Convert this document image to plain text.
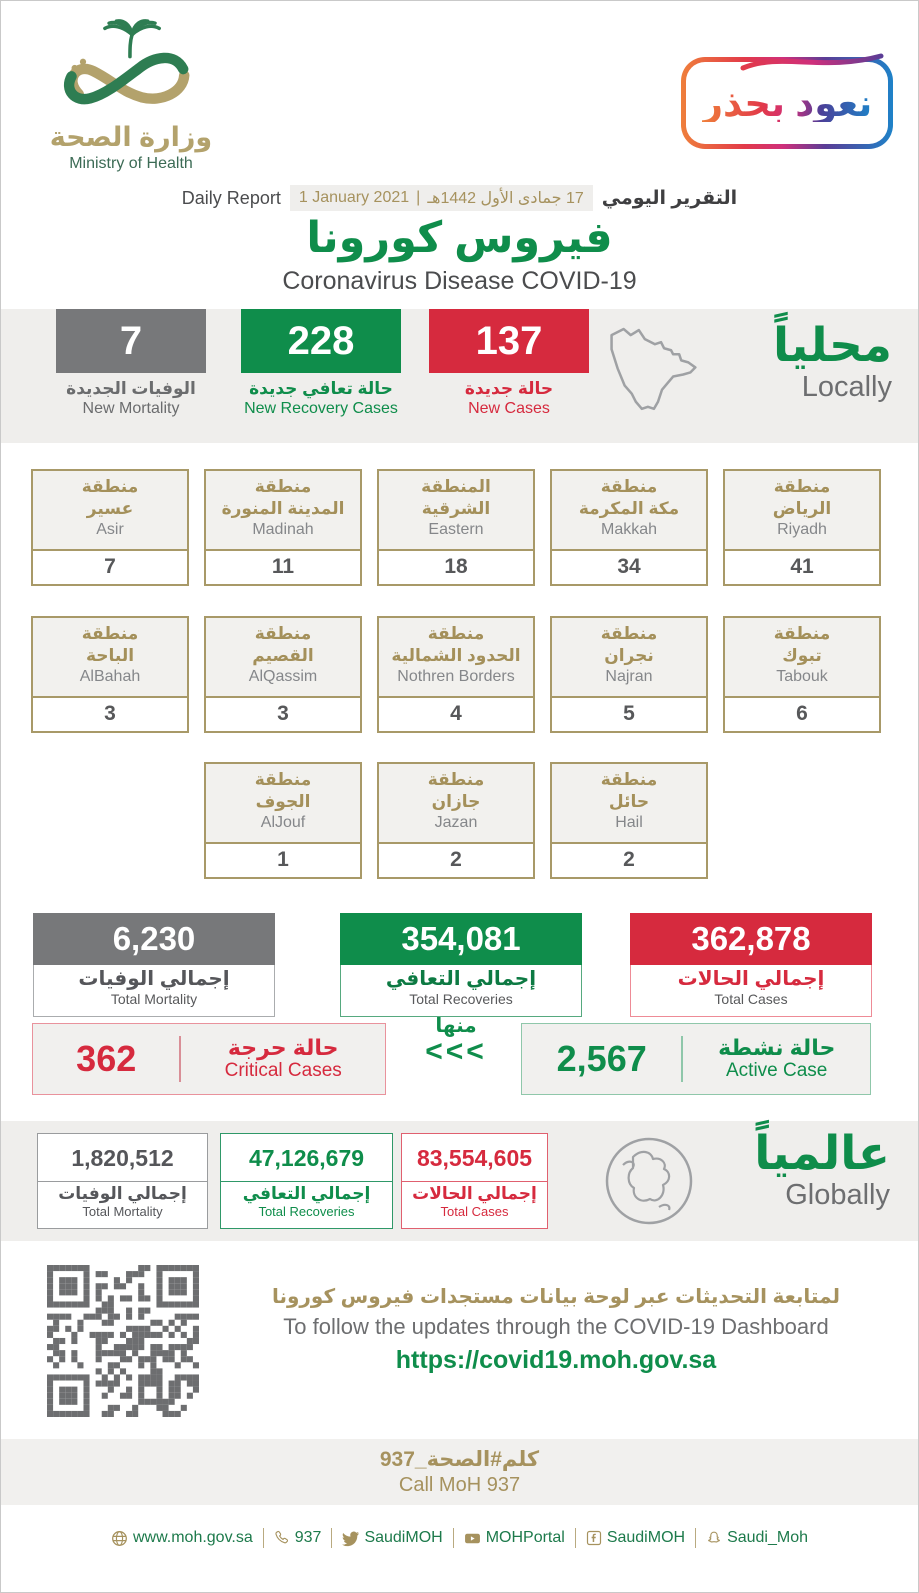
وزارة الصحة
Ministry of Health
نعود بحذر
Daily Report 1 January 2021 | 17 جمادى الأول 1442هـ التقرير اليومي
فيروس كورونا
Coronavirus Disease COVID-19
7
الوفيات الجديدة
New Mortality
228
حالة تعافي جديدة
New Recovery Cases
137
حالة جديدة
New Cases
محلياً
Locally
منطقة
عسير
Asir
7
منطقة
المدينة المنورة
Madinah
11
المنطقة
الشرقية
Eastern
18
منطقة
مكة المكرمة
Makkah
34
منطقة
الرياض
Riyadh
41
منطقة
الباحة
AlBahah
3
منطقة
القصيم
AlQassim
3
منطقة
الحدود الشمالية
Nothren Borders
4
منطقة
نجران
Najran
5
منطقة
تبوك
Tabouk
6
منطقة
الجوف
AlJouf
1
منطقة
جازان
Jazan
2
منطقة
حائل
Hail
2
6,230
إجمالي الوفيات
Total Mortality
354,081
إجمالي التعافي
Total Recoveries
362,878
إجمالي الحالات
Total Cases
362	حالة حرجة
Critical Cases
منها
<<<	2,567	حالة نشطة
Active Case
1,820,512
إجمالي الوفيات
Total Mortality
47,126,679
إجمالي التعافي
Total Recoveries
83,554,605
إجمالي الحالات
Total Cases
عالمياً
Globally
لمتابعة التحديثات عبر لوحة بيانات مستجدات فيروس كورونا
To follow the updates through the COVID-19 Dashboard
https://covid19.moh.gov.sa
كلم#الصحة_937
Call MoH 937
www.moh.gov.sa	937	SaudiMOH	MOHPortal	SaudiMOH	Saudi_Moh
